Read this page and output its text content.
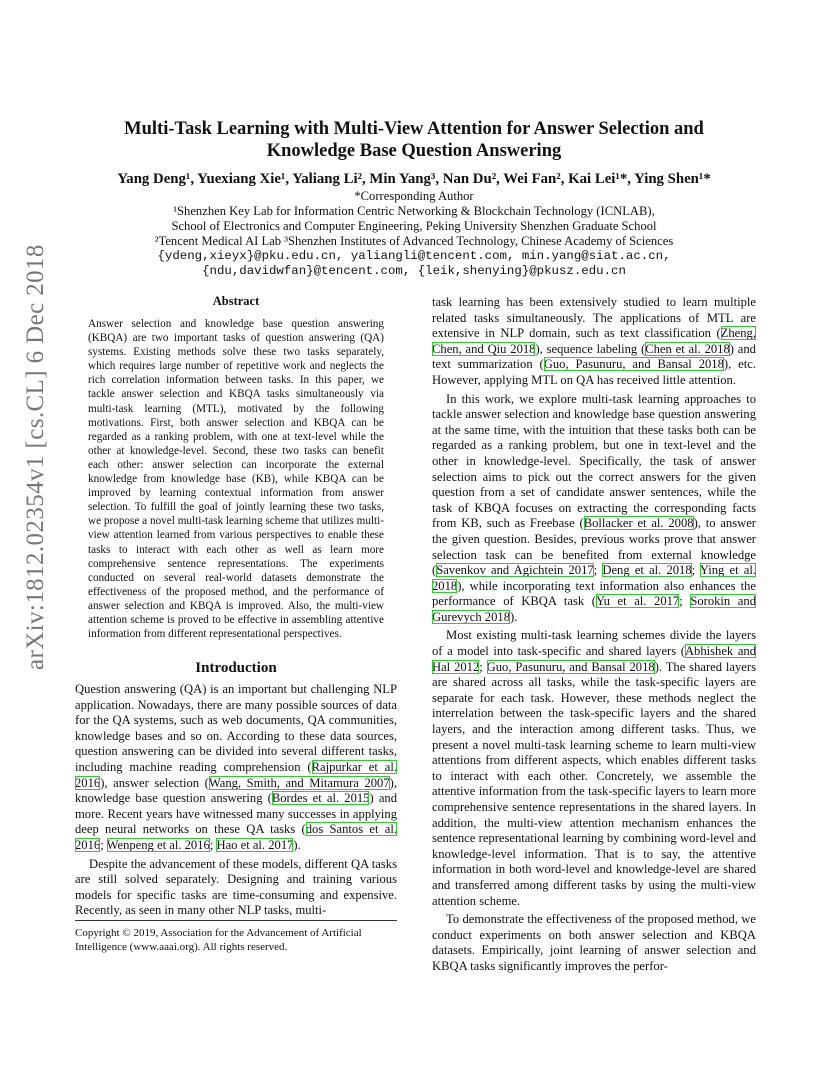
arXiv:1812.02354v1 [cs.CL] 6 Dec 2018
Multi-Task Learning with Multi-View Attention for Answer Selection and Knowledge Base Question Answering
Yang Deng¹, Yuexiang Xie¹, Yaliang Li², Min Yang³, Nan Du², Wei Fan², Kai Lei¹*, Ying Shen¹*
*Corresponding Author
¹Shenzhen Key Lab for Information Centric Networking & Blockchain Technology (ICNLAB),
School of Electronics and Computer Engineering, Peking University Shenzhen Graduate School
²Tencent Medical AI Lab ³Shenzhen Institutes of Advanced Technology, Chinese Academy of Sciences
{ydeng,xieyx}@pku.edu.cn, yaliangli@tencent.com, min.yang@siat.ac.cn,
{ndu,davidwfan}@tencent.com, {leik,shenying}@pkusz.edu.cn
Abstract
Answer selection and knowledge base question answering (KBQA) are two important tasks of question answering (QA) systems. Existing methods solve these two tasks separately, which requires large number of repetitive work and neglects the rich correlation information between tasks. In this paper, we tackle answer selection and KBQA tasks simultaneously via multi-task learning (MTL), motivated by the following motivations. First, both answer selection and KBQA can be regarded as a ranking problem, with one at text-level while the other at knowledge-level. Second, these two tasks can benefit each other: answer selection can incorporate the external knowledge from knowledge base (KB), while KBQA can be improved by learning contextual information from answer selection. To fulfill the goal of jointly learning these two tasks, we propose a novel multi-task learning scheme that utilizes multi-view attention learned from various perspectives to enable these tasks to interact with each other as well as learn more comprehensive sentence representations. The experiments conducted on several real-world datasets demonstrate the effectiveness of the proposed method, and the performance of answer selection and KBQA is improved. Also, the multi-view attention scheme is proved to be effective in assembling attentive information from different representational perspectives.
Introduction

Question answering (QA) is an important but challenging NLP application. Nowadays, there are many possible sources of data for the QA systems, such as web documents, QA communities, knowledge bases and so on. According to these data sources, question answering can be divided into several different tasks, including machine reading comprehension (Rajpurkar et al. 2016), answer selection (Wang, Smith, and Mitamura 2007), knowledge base question answering (Bordes et al. 2015) and more. Recent years have witnessed many successes in applying deep neural networks on these QA tasks (dos Santos et al. 2016; Wenpeng et al. 2016; Hao et al. 2017).

Despite the advancement of these models, different QA tasks are still solved separately. Designing and training various models for specific tasks are time-consuming and expensive. Recently, as seen in many other NLP tasks, multi-

Copyright © 2019, Association for the Advancement of Artificial Intelligence (www.aaai.org). All rights reserved.

task learning has been extensively studied to learn multiple related tasks simultaneously. The applications of MTL are extensive in NLP domain, such as text classification (Zheng, Chen, and Qiu 2018), sequence labeling (Chen et al. 2018) and text summarization (Guo, Pasunuru, and Bansal 2018), etc. However, applying MTL on QA has received little attention.

In this work, we explore multi-task learning approaches to tackle answer selection and knowledge base question answering at the same time, with the intuition that these tasks both can be regarded as a ranking problem, but one in text-level and the other in knowledge-level. Specifically, the task of answer selection aims to pick out the correct answers for the given question from a set of candidate answer sentences, while the task of KBQA focuses on extracting the corresponding facts from KB, such as Freebase (Bollacker et al. 2008), to answer the given question. Besides, previous works prove that answer selection task can be benefited from external knowledge (Savenkov and Agichtein 2017; Deng et al. 2018; Ying et al. 2018), while incorporating text information also enhances the performance of KBQA task (Yu et al. 2017; Sorokin and Gurevych 2018).

Most existing multi-task learning schemes divide the layers of a model into task-specific and shared layers (Abhishek and Hal 2012; Guo, Pasunuru, and Bansal 2018). The shared layers are shared across all tasks, while the task-specific layers are separate for each task. However, these methods neglect the interrelation between the task-specific layers and the shared layers, and the interaction among different tasks. Thus, we present a novel multi-task learning scheme to learn multi-view attentions from different aspects, which enables different tasks to interact with each other. Concretely, we assemble the attentive information from the task-specific layers to learn more comprehensive sentence representations in the shared layers. In addition, the multi-view attention mechanism enhances the sentence representational learning by combining word-level and knowledge-level information. That is to say, the attentive information in both word-level and knowledge-level are shared and transferred among different tasks by using the multi-view attention scheme.

To demonstrate the effectiveness of the proposed method, we conduct experiments on both answer selection and KBQA datasets. Empirically, joint learning of answer selection and KBQA tasks significantly improves the perfor-
